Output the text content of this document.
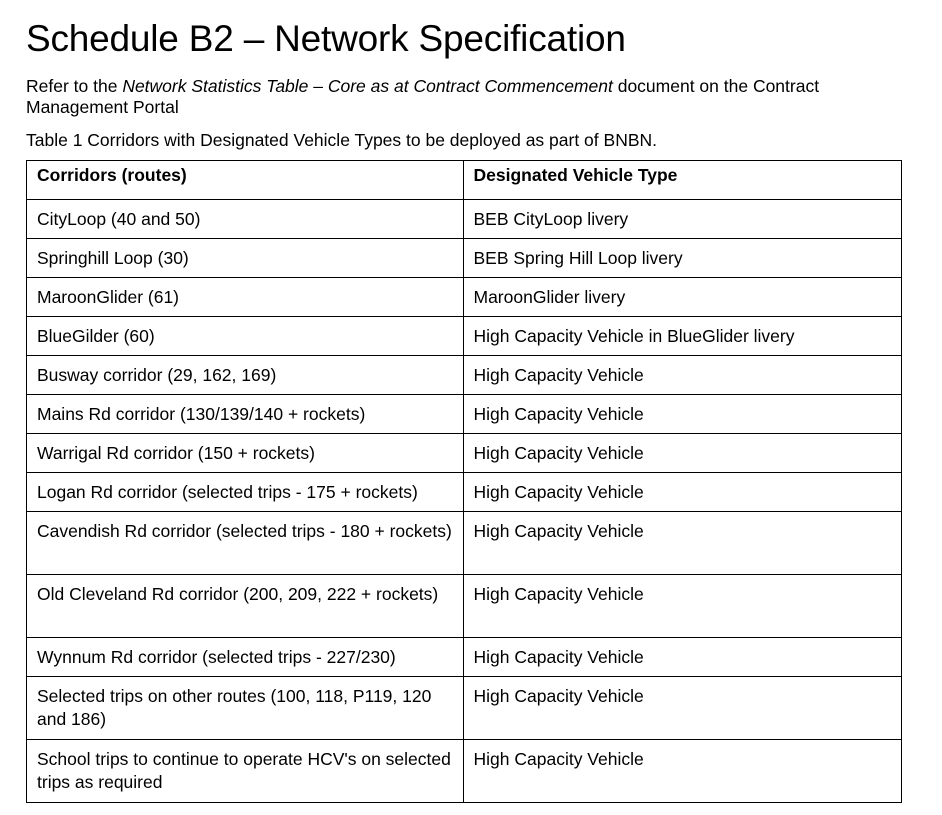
Schedule B2 – Network Specification

Refer to the Network Statistics Table – Core as at Contract Commencement document on the Contract Management Portal

Table 1 Corridors with Designated Vehicle Types to be deployed as part of BNBN.

Corridors (routes)	Designated Vehicle Type
CityLoop (40 and 50)	BEB CityLoop livery
Springhill Loop (30)	BEB Spring Hill Loop livery
MaroonGlider (61)	MaroonGlider livery
BlueGilder (60)	High Capacity Vehicle in BlueGlider livery
Busway corridor (29, 162, 169)	High Capacity Vehicle
Mains Rd corridor (130/139/140 + rockets)	High Capacity Vehicle
Warrigal Rd corridor (150 + rockets)	High Capacity Vehicle
Logan Rd corridor (selected trips - 175 + rockets)	High Capacity Vehicle
Cavendish Rd corridor (selected trips - 180 + rockets)	High Capacity Vehicle
Old Cleveland Rd corridor (200, 209, 222 + rockets)	High Capacity Vehicle
Wynnum Rd corridor (selected trips - 227/230)	High Capacity Vehicle
Selected trips on other routes (100, 118, P119, 120 and 186)	High Capacity Vehicle
School trips to continue to operate HCV's on selected trips as required	High Capacity Vehicle
